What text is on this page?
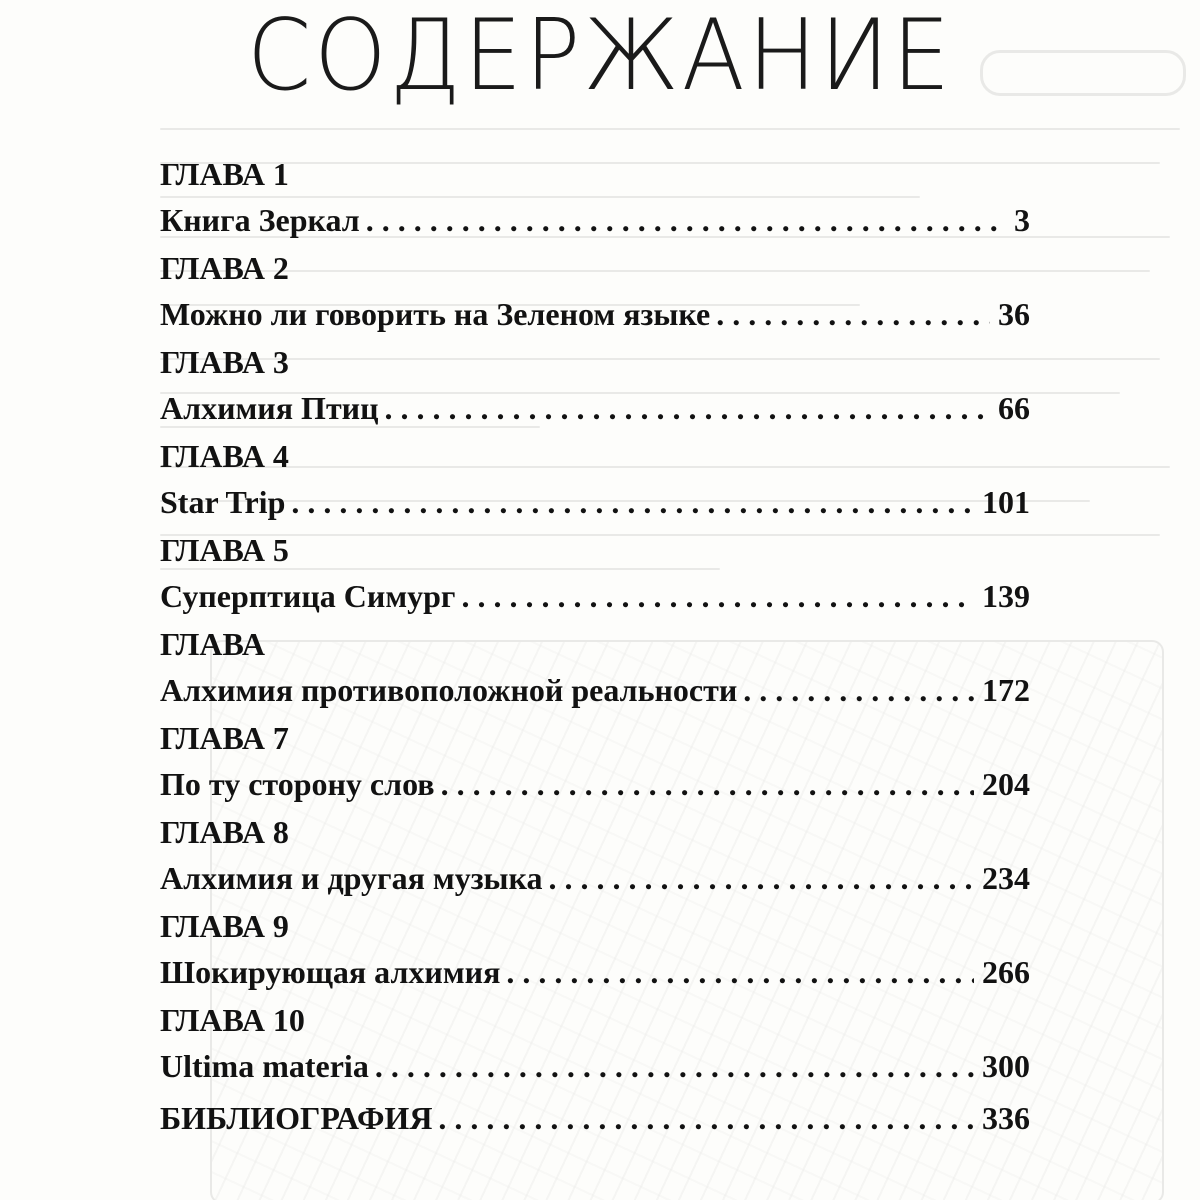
СОДЕРЖАНИЕ
ГЛАВА 1
Книга Зеркал . . .	3
ГЛАВА 2
Можно ли говорить на Зеленом языке . . .	36
ГЛАВА 3
Алхимия Птиц . . .	66
ГЛАВА 4
Star Trip . . .	101
ГЛАВА 5
Суперптица Симург . . .	139
ГЛАВА
Алхимия противоположной реальности . . .	172
ГЛАВА 7
По ту сторону слов . . .	204
ГЛАВА 8
Алхимия и другая музыка . . .	234
ГЛАВА 9
Шокирующая алхимия . . .	266
ГЛАВА 10
Ultima materia . . .	300
БИБЛИОГРАФИЯ . . .	336
